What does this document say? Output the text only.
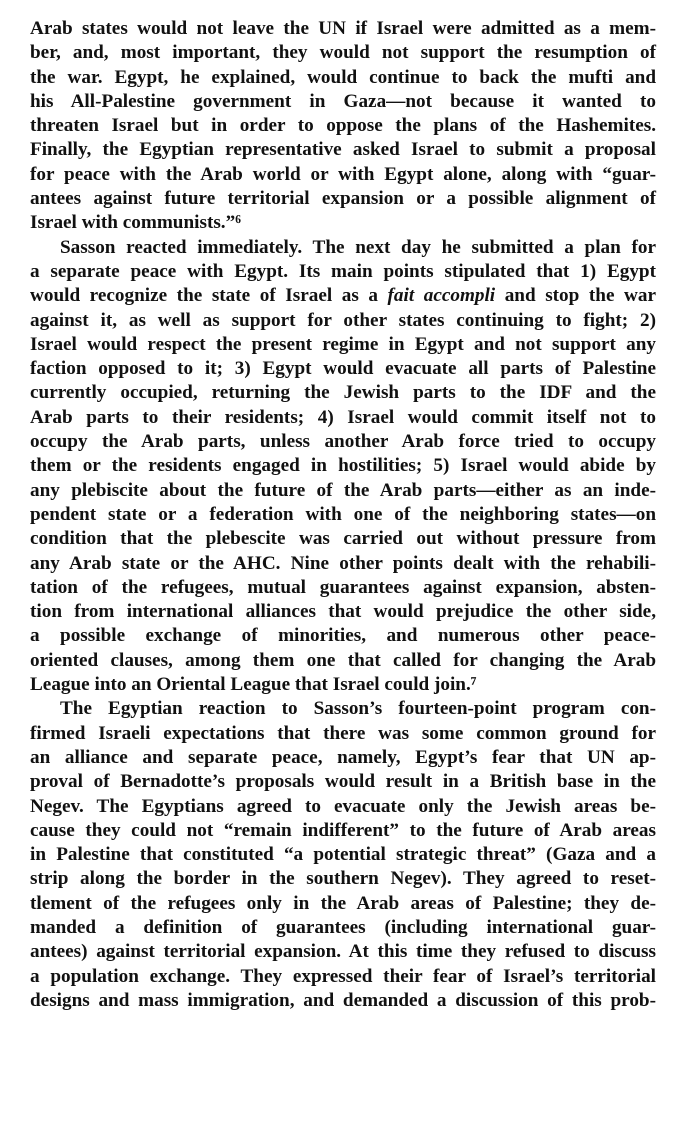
Arab states would not leave the UN if Israel were admitted as a mem-
ber, and, most important, they would not support the resumption of
the war. Egypt, he explained, would continue to back the mufti and
his All-Palestine government in Gaza—not because it wanted to
threaten Israel but in order to oppose the plans of the Hashemites.
Finally, the Egyptian representative asked Israel to submit a proposal
for peace with the Arab world or with Egypt alone, along with “guar-
antees against future territorial expansion or a possible alignment of
Israel with communists.”⁶
Sasson reacted immediately. The next day he submitted a plan for
a separate peace with Egypt. Its main points stipulated that 1) Egypt
would recognize the state of Israel as a fait accompli and stop the war
against it, as well as support for other states continuing to fight; 2)
Israel would respect the present regime in Egypt and not support any
faction opposed to it; 3) Egypt would evacuate all parts of Palestine
currently occupied, returning the Jewish parts to the IDF and the
Arab parts to their residents; 4) Israel would commit itself not to
occupy the Arab parts, unless another Arab force tried to occupy
them or the residents engaged in hostilities; 5) Israel would abide by
any plebiscite about the future of the Arab parts—either as an inde-
pendent state or a federation with one of the neighboring states—on
condition that the plebescite was carried out without pressure from
any Arab state or the AHC. Nine other points dealt with the rehabili-
tation of the refugees, mutual guarantees against expansion, absten-
tion from international alliances that would prejudice the other side,
a possible exchange of minorities, and numerous other peace-
oriented clauses, among them one that called for changing the Arab
League into an Oriental League that Israel could join.⁷
The Egyptian reaction to Sasson’s fourteen-point program con-
firmed Israeli expectations that there was some common ground for
an alliance and separate peace, namely, Egypt’s fear that UN ap-
proval of Bernadotte’s proposals would result in a British base in the
Negev. The Egyptians agreed to evacuate only the Jewish areas be-
cause they could not “remain indifferent” to the future of Arab areas
in Palestine that constituted “a potential strategic threat” (Gaza and a
strip along the border in the southern Negev). They agreed to reset-
tlement of the refugees only in the Arab areas of Palestine; they de-
manded a definition of guarantees (including international guar-
antees) against territorial expansion. At this time they refused to discuss
a population exchange. They expressed their fear of Israel’s territorial
designs and mass immigration, and demanded a discussion of this prob-
